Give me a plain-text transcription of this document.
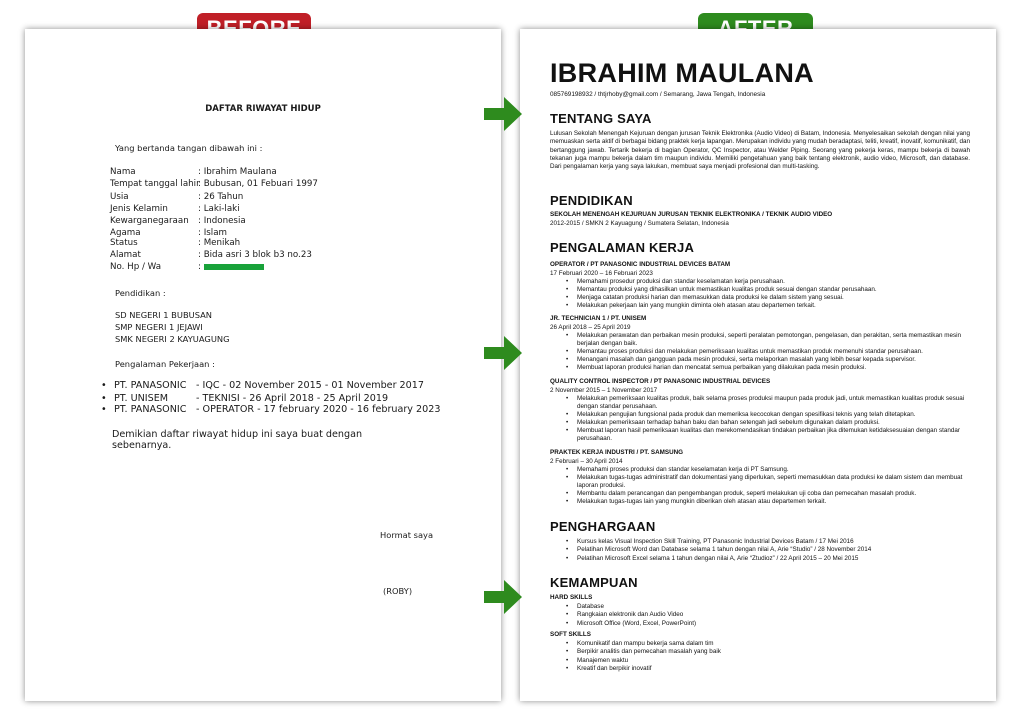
DAFTAR RIWAYAT HIDUP
Yang bertanda tangan dibawah ini :
Nama	: Ibrahim Maulana
Tempat tanggal lahir: Bubusan, 01 Febuari 1997
Usia	: 26 Tahun
Jenis Kelamin	: Laki-laki
Kewarganegaraan : Indonesia
Agama	: Islam
Status	: Menikah
Alamat	: Bida asri 3 blok b3 no.23
No. Hp / Wa	:
Pendidikan :
SD NEGERI 1 BUBUSAN
SMP NEGERI 1 JEJAWI
SMK NEGERI 2 KAYUAGUNG
Pengalaman Pekerjaan :
• PT. PANASONIC - IQC - 02 November 2015 - 01 November 2017
• PT. UNISEM	- TEKNISI - 26 April 2018 - 25 April 2019
• PT. PANASONIC - OPERATOR - 17 february 2020 - 16 february 2023
Demikian daftar riwayat hidup ini saya buat dengan sebenarnya.
Hormat saya
(ROBY)
IBRAHIM MAULANA
085769198932 / thtjrhoby@gmail.com / Semarang, Jawa Tengah, Indonesia
TENTANG SAYA
Lulusan Sekolah Menengah Kejuruan dengan jurusan Teknik Elektronika (Audio Video) di Batam, Indonesia. Menyelesaikan sekolah dengan nilai yang memuaskan serta aktif di berbagai bidang praktek kerja lapangan. Merupakan individu yang mudah beradaptasi, teliti, kreatif, inovatif, komunikatif, dan bertanggung jawab. Tertarik bekerja di bagian Operator, QC Inspector, atau Welder Piping. Seorang yang pekerja keras, mampu bekerja di bawah tekanan juga mampu bekerja dalam tim maupun individu. Memiliki pengetahuan yang baik tentang elektronik, audio video, Microsoft, dan database. Dari pengalaman kerja yang saya lakukan, membuat saya menjadi profesional dan multi-tasking.
PENDIDIKAN
SEKOLAH MENENGAH KEJURUAN JURUSAN TEKNIK ELEKTRONIKA / TEKNIK AUDIO VIDEO
2012-2015 / SMKN 2 Kayuagung / Sumatera Selatan, Indonesia
PENGALAMAN KERJA
OPERATOR / PT PANASONIC INDUSTRIAL DEVICES BATAM
17 Februari 2020 – 16 Februari 2023
• Memahami prosedur produksi dan standar keselamatan kerja perusahaan.
• Memantau produksi yang dihasilkan untuk memastikan kualitas produk sesuai dengan standar perusahaan.
• Menjaga catatan produksi harian dan memasukkan data produksi ke dalam sistem yang sesuai.
• Melakukan pekerjaan lain yang mungkin diminta oleh atasan atau departemen terkait.
JR. TECHNICIAN 1 / PT. UNISEM
26 April 2018 – 25 April 2019
• Melakukan perawatan dan perbaikan mesin produksi, seperti peralatan pemotongan, pengelasan, dan perakitan, serta memastikan mesin berjalan dengan baik.
• Memantau proses produksi dan melakukan pemeriksaan kualitas untuk memastikan produk memenuhi standar perusahaan.
• Menangani masalah dan gangguan pada mesin produksi, serta melaporkan masalah yang lebih besar kepada supervisor.
• Membuat laporan produksi harian dan mencatat semua perbaikan yang dilakukan pada mesin produksi.
QUALITY CONTROL INSPECTOR / PT PANASONIC INDUSTRIAL DEVICES
2 November 2015 – 1 November 2017
• Melakukan pemeriksaan kualitas produk, baik selama proses produksi maupun pada produk jadi, untuk memastikan kualitas produk sesuai dengan standar perusahaan.
• Melakukan pengujian fungsional pada produk dan memeriksa kecocokan dengan spesifikasi teknis yang telah ditetapkan.
• Melakukan pemeriksaan terhadap bahan baku dan bahan setengah jadi sebelum digunakan dalam produksi.
• Membuat laporan hasil pemeriksaan kualitas dan merekomendasikan tindakan perbaikan jika ditemukan ketidaksesuaian dengan standar perusahaan.
PRAKTEK KERJA INDUSTRI / PT. SAMSUNG
2 Februari – 30 April 2014
• Memahami proses produksi dan standar keselamatan kerja di PT Samsung.
• Melakukan tugas-tugas administratif dan dokumentasi yang diperlukan, seperti memasukkan data produksi ke dalam sistem dan membuat laporan produksi.
• Membantu dalam perancangan dan pengembangan produk, seperti melakukan uji coba dan pemecahan masalah produk.
• Melakukan tugas-tugas lain yang mungkin diberikan oleh atasan atau departemen terkait.
PENGHARGAAN
• Kursus kelas Visual Inspection Skill Training, PT Panasonic Industrial Devices Batam / 17 Mei 2016
• Pelatihan Microsoft Word dan Database selama 1 tahun dengan nilai A, Arie “Studio” / 28 November 2014
• Pelatihan Microsoft Excel selama 1 tahun dengan nilai A, Arie “Ztudioz” / 22 April 2015 – 20 Mei 2015
KEMAMPUAN
HARD SKILLS
• Database
• Rangkaian elektronik dan Audio Video
• Microsoft Office (Word, Excel, PowerPoint)
SOFT SKILLS
• Komunikatif dan mampu bekerja sama dalam tim
• Berpikir analitis dan pemecahan masalah yang baik
• Manajemen waktu
• Kreatif dan berpikir inovatif
